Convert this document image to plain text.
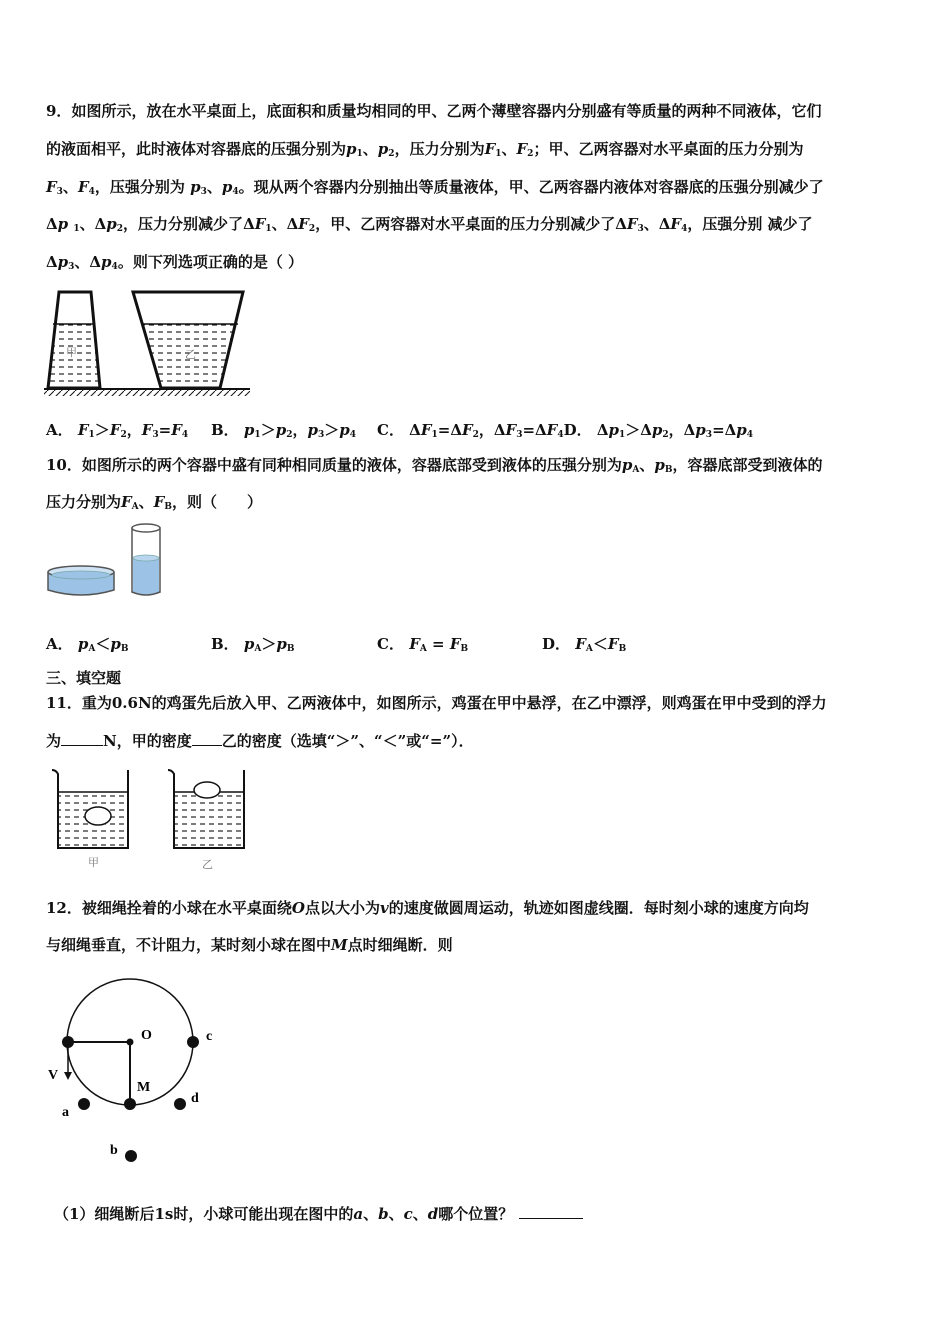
9．如图所示，放在水平桌面上，底面积和质量均相同的甲、乙两个薄壁容器内分别盛有等质量的两种不同液体，它们
的液面相平，此时液体对容器底的压强分别为$p_1$、$p_2$，压力分别为$F_1$、$F_2$；甲、乙两容器对水平桌面的压力分别为
$F_3$、$F_4$，压强分别为 $p_3$、$p_4$。现从两个容器内分别抽出等质量液体，甲、乙两容器内液体对容器底的压强分别减少了
Δp $_1$、$\Delta p_2$，压力分别减少了$\Delta F_1$、$\Delta F_2$，甲、乙两容器对水平桌面的压力分别减少了$\Delta F_3$、$\Delta F_4$，压强分别 减少了
$\Delta p_3$、$\Delta p_4$。则下列选项正确的是（ ）
甲	乙
A． $F_1>F_2$，$F_3=F_4$ B． $p_1>p_2$，$p_3>p_4$ C． $\Delta F_1=\Delta F_2$，$\Delta F_3=\Delta F_4D$． $\Delta p_1>\Delta p_2$，$\Delta p_3=\Delta p_4$
10．如图所示的两个容器中盛有同种相同质量的液体，容器底部受到液体的压强分别为$p_A$、$p_B$，容器底部受到液体的
压力分别为$F_A$、$F_B$，则（　　）
A． $p_A<p_B$	B． $p_A>p_B$	C． $F_A = F_B$	D． $F_A<F_B$
三、填空题
11．重为0.6N的鸡蛋先后放入甲、乙两液体中，如图所示，鸡蛋在甲中悬浮，在乙中漂浮，则鸡蛋在甲中受到的浮力
为	N，甲的密度 乙的密度（选填“＞”、“＜”或“=”）．
甲	乙
12．被细绳拴着的小球在水平桌面绕O点以大小为v的速度做圆周运动，轨迹如图虚线圈．每时刻小球的速度方向均
与细绳垂直，不计阻力，某时刻小球在图中M点时细绳断．则
O	c
V
M
a
d
b
（1）细绳断后1s时，小球可能出现在图中的a、b、c、d哪个位置？
